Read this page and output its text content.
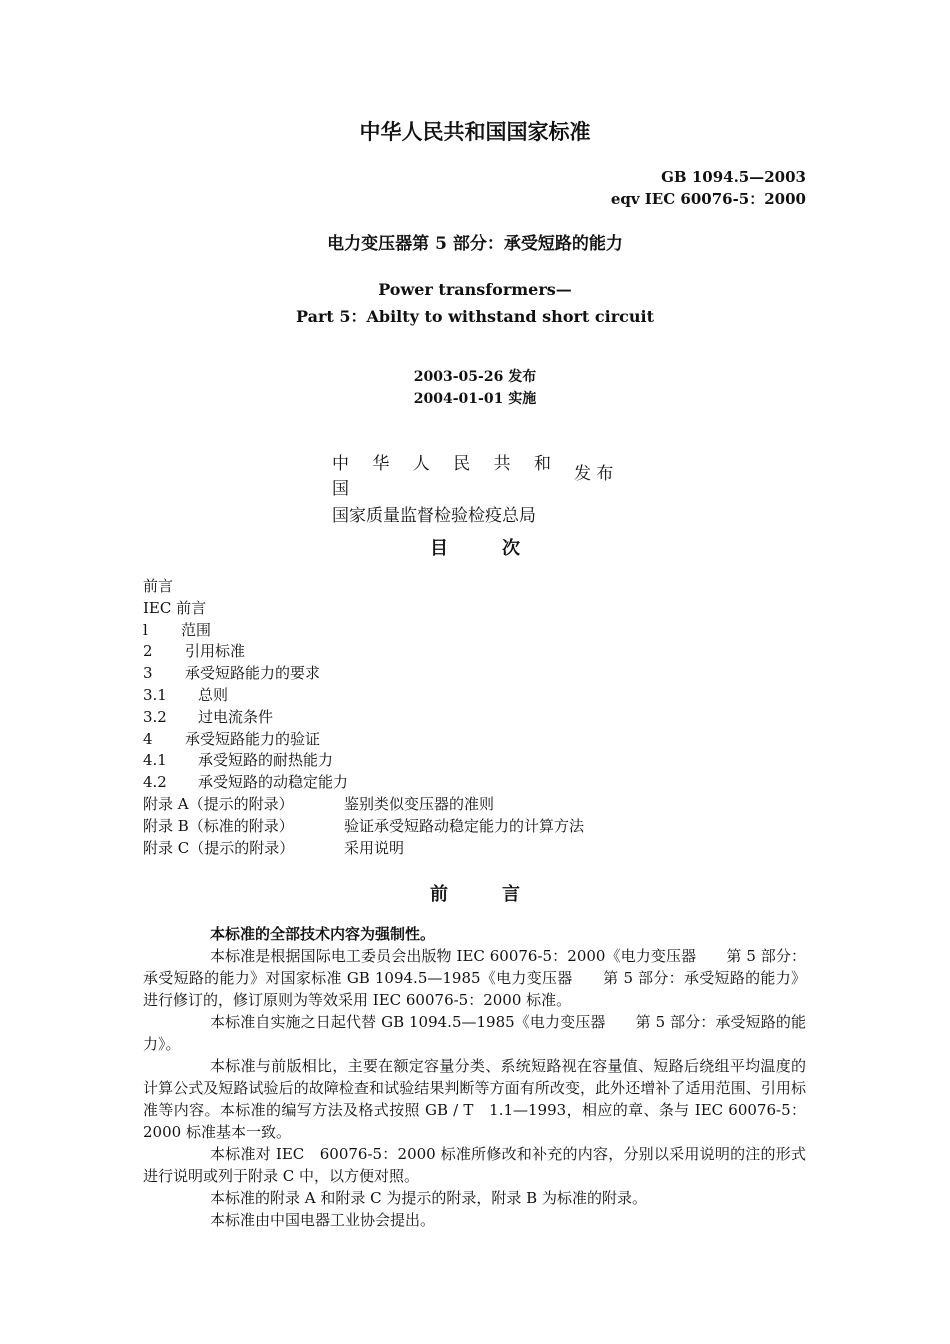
中华人民共和国国家标准
GB 1094.5—2003
eqv IEC 60076-5：2000
电力变压器第 5 部分：承受短路的能力
Power transformers—
Part 5：Abilty to withstand short circuit
2003-05-26 发布
2004-01-01 实施
中 华 人 民 共 和 国
国家质量监督检验检疫总局
发 布
目　　　次
前言
IEC 前言
l 范围
2 引用标准
3 承受短路能力的要求
3.1 总则
3.2 过电流条件
4 承受短路能力的验证
4.1 承受短路的耐热能力
4.2 承受短路的动稳定能力
附录 A（提示的附录）	鉴别类似变压器的准则
附录 B（标准的附录）	验证承受短路动稳定能力的计算方法
附录 C（提示的附录）	采用说明
前　　　言

本标准的全部技术内容为强制性。

本标准是根据国际电工委员会出版物 IEC 60076-5：2000《电力变压器　　第 5 部分：承受短路的能力》对国家标准 GB 1094.5—1985《电力变压器　　第 5 部分：承受短路的能力》进行修订的，修订原则为等效采用 IEC 60076-5：2000 标准。

本标准自实施之日起代替 GB 1094.5—1985《电力变压器　　第 5 部分：承受短路的能力》。

本标准与前版相比，主要在额定容量分类、系统短路视在容量值、短路后绕组平均温度的计算公式及短路试验后的故障检查和试验结果判断等方面有所改变，此外还增补了适用范围、引用标准等内容。本标准的编写方法及格式按照 GB / T　1.1—1993，相应的章、条与 IEC 60076-5：2000 标准基本一致。

本标准对 IEC　60076-5：2000 标准所修改和补充的内容，分别以采用说明的注的形式进行说明或列于附录 C 中，以方便对照。

本标准的附录 A 和附录 C 为提示的附录，附录 B 为标准的附录。

本标准由中国电器工业协会提出。
